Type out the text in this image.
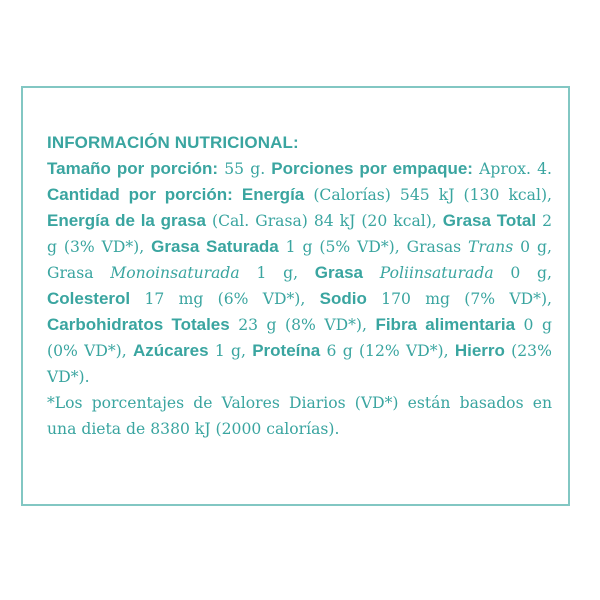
INFORMACIÓN NUTRICIONAL:
Tamaño por porción: 55 g. Porciones por empaque: Aprox. 4. Cantidad por porción: Energía (Calorías) 545 kJ (130 kcal), Energía de la grasa (Cal. Grasa) 84 kJ (20 kcal), Grasa Total 2 g (3% VD*), Grasa Saturada 1 g (5% VD*), Grasas Trans 0 g, Grasa Monoinsaturada 1 g, Grasa Poliinsaturada 0 g, Colesterol 17 mg (6% VD*), Sodio 170 mg (7% VD*), Carbohidratos Totales 23 g (8% VD*), Fibra alimentaria 0 g (0% VD*), Azúcares 1 g, Proteína 6 g (12% VD*), Hierro (23% VD*).
*Los porcentajes de Valores Diarios (VD*) están basados en una dieta de 8380 kJ (2000 calorías).
